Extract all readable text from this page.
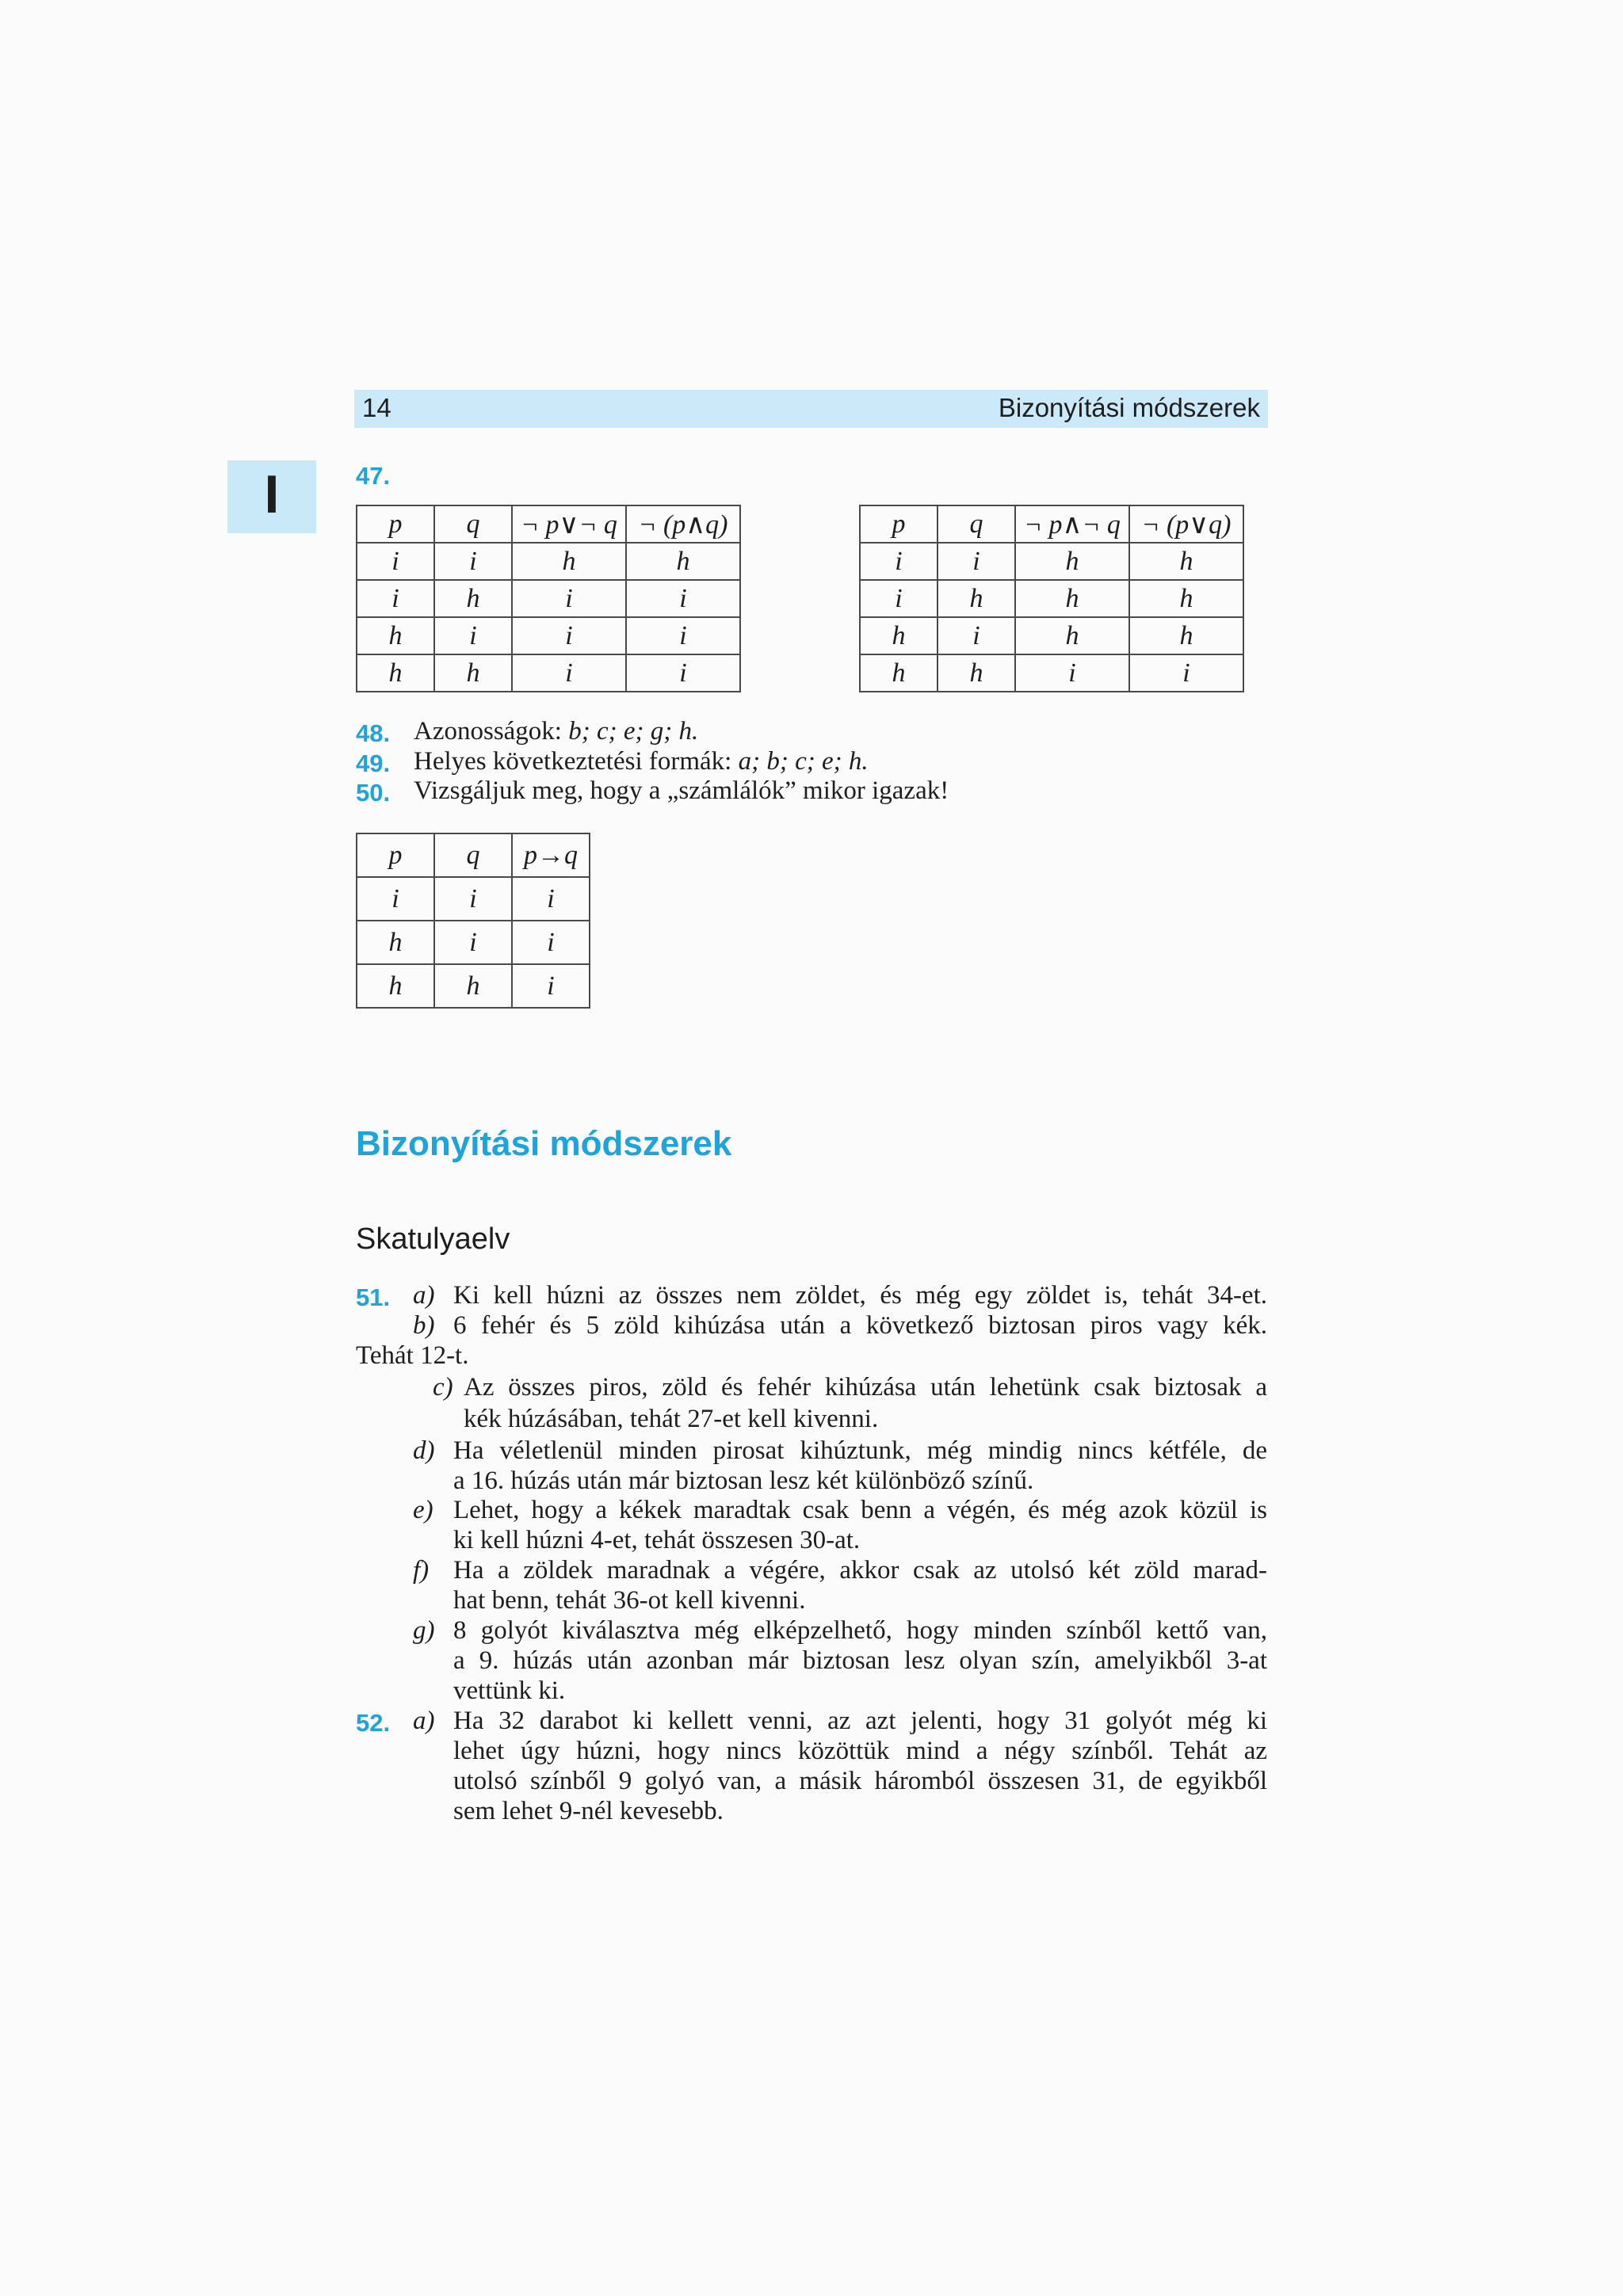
14	Bizonyítási módszerek
I	47.
p	q	¬ p∨¬ q	¬ (p∧q)
i	i	h	h
i	h	i	i
h	i	i	i
h	h	i	i
p	q	¬ p∧¬ q	¬ (p∨q)
i	i	h	h
i	h	h	h
h	i	h	h
h	h	i	i
48. Azonosságok: b; c; e; g; h.
49. Helyes következtetési formák: a; b; c; e; h.
50. Vizsgáljuk meg, hogy a „számlálók” mikor igazak!
p	q	p→q
i	i	i
h	i	i
h	h	i
Bizonyítási módszerek
Skatulyaelv
51. a) Ki kell húzni az összes nem zöldet, és még egy zöldet is, tehát 34-et.
b) 6 fehér és 5 zöld kihúzása után a következő biztosan piros vagy kék.
Tehát 12-t.
c) Az összes piros, zöld és fehér kihúzása után lehetünk csak biztosak a
kék húzásában, tehát 27-et kell kivenni.
d) Ha véletlenül minden pirosat kihúztunk, még mindig nincs kétféle, de
a 16. húzás után már biztosan lesz két különböző színű.
e) Lehet, hogy a kékek maradtak csak benn a végén, és még azok közül is
ki kell húzni 4-et, tehát összesen 30-at.
f) Ha a zöldek maradnak a végére, akkor csak az utolsó két zöld marad-
hat benn, tehát 36-ot kell kivenni.
g) 8 golyót kiválasztva még elképzelhető, hogy minden színből kettő van,
a 9. húzás után azonban már biztosan lesz olyan szín, amelyikből 3-at
vettünk ki.
52. a) Ha 32 darabot ki kellett venni, az azt jelenti, hogy 31 golyót még ki
lehet úgy húzni, hogy nincs közöttük mind a négy színből. Tehát az
utolsó színből 9 golyó van, a másik háromból összesen 31, de egyikből
sem lehet 9-nél kevesebb.
